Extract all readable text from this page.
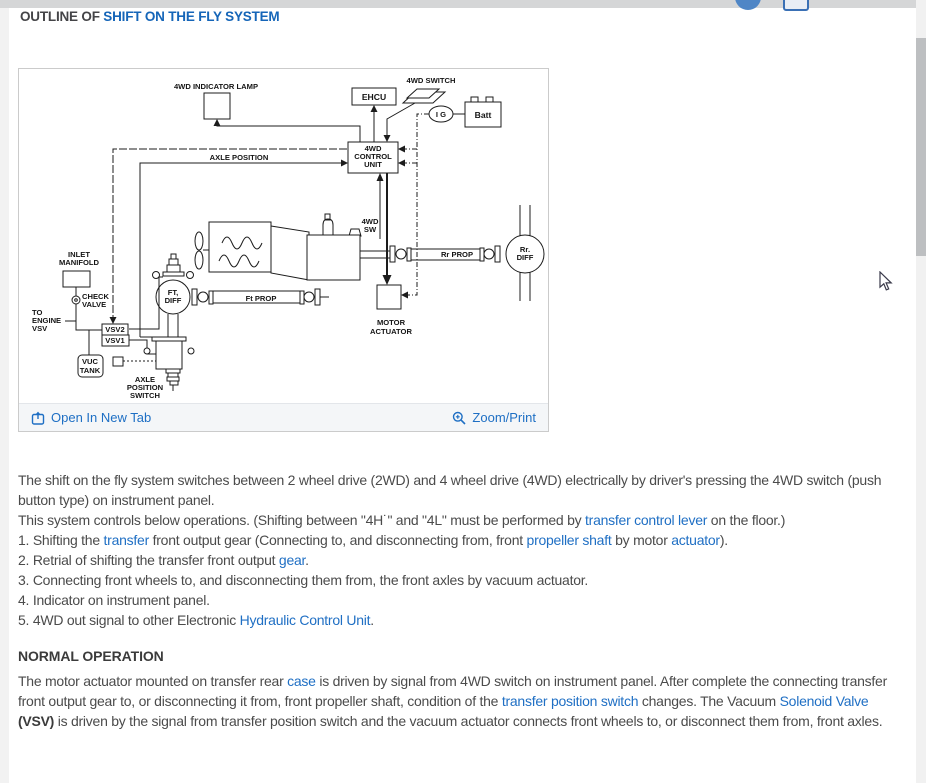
OUTLINE OF SHIFT ON THE FLY SYSTEM
4WD INDICATOR LAMP
EHCU
4WD SWITCH
I G	Batt
4WD
CONTROL
UNIT
AXLE POSITION
4WD
SW
FT,
DIFF	Ft PROP
MOTOR
ACTUATOR
Rr PROP
Rr.
DIFF
INLET
MANIFOLD
CHECK
VALVE
TO
ENGINE
VSV	VSV2
VSV1
VUC
TANK
AXLE
POSITION
SWITCH
Open In New Tab	Zoom/Print
The shift on the fly system switches between 2 wheel drive (2WD) and 4 wheel drive (4WD) electrically by driver's pressing the 4WD switch (push button type) on instrument panel.
This system controls below operations. (Shifting between "4H˙" and "4L" must be performed by transfer control lever on the floor.)
1. Shifting the transfer front output gear (Connecting to, and disconnecting from, front propeller shaft by motor actuator).
2. Retrial of shifting the transfer front output gear.
3. Connecting front wheels to, and disconnecting them from, the front axles by vacuum actuator.
4. Indicator on instrument panel.
5. 4WD out signal to other Electronic Hydraulic Control Unit.
NORMAL OPERATION
The motor actuator mounted on transfer rear case is driven by signal from 4WD switch on instrument panel. After complete the connecting transfer front output gear to, or disconnecting it from, front propeller shaft, condition of the transfer position switch changes. The Vacuum Solenoid Valve (VSV) is driven by the signal from transfer position switch and the vacuum actuator connects front wheels to, or disconnect them from, front axles.
